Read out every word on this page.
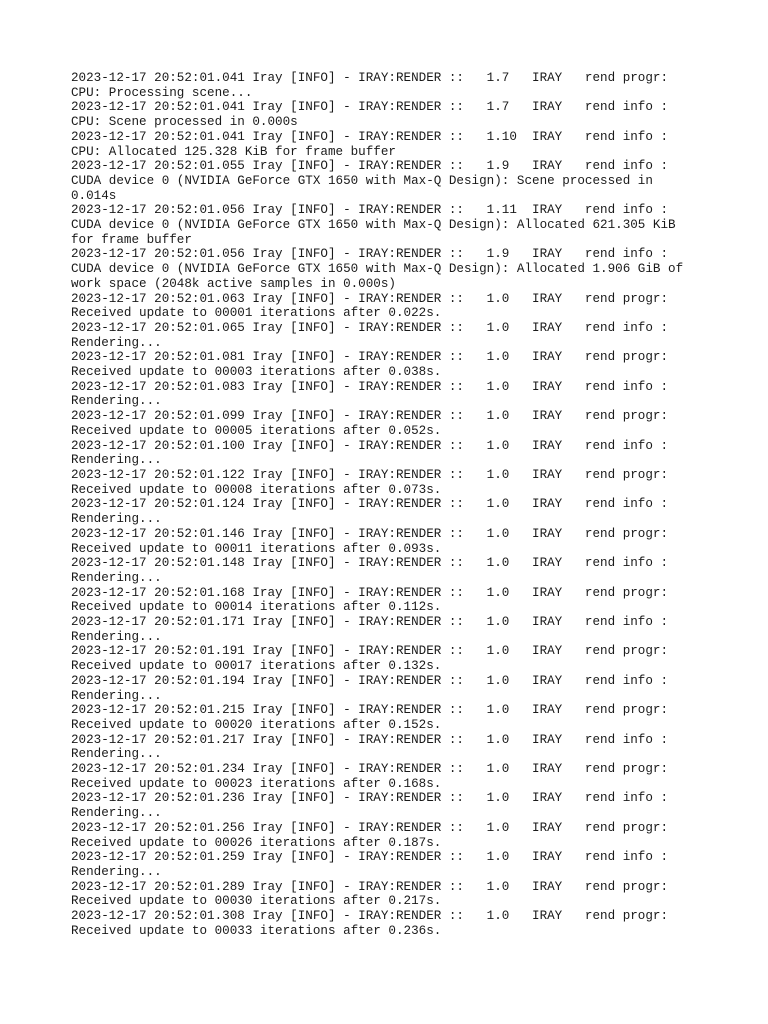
2023-12-17 20:52:01.041 Iray [INFO] - IRAY:RENDER ::   1.7   IRAY   rend progr:
CPU: Processing scene...
2023-12-17 20:52:01.041 Iray [INFO] - IRAY:RENDER ::   1.7   IRAY   rend info :
CPU: Scene processed in 0.000s
2023-12-17 20:52:01.041 Iray [INFO] - IRAY:RENDER ::   1.10  IRAY   rend info :
CPU: Allocated 125.328 KiB for frame buffer
2023-12-17 20:52:01.055 Iray [INFO] - IRAY:RENDER ::   1.9   IRAY   rend info :
CUDA device 0 (NVIDIA GeForce GTX 1650 with Max-Q Design): Scene processed in
0.014s
2023-12-17 20:52:01.056 Iray [INFO] - IRAY:RENDER ::   1.11  IRAY   rend info :
CUDA device 0 (NVIDIA GeForce GTX 1650 with Max-Q Design): Allocated 621.305 KiB
for frame buffer
2023-12-17 20:52:01.056 Iray [INFO] - IRAY:RENDER ::   1.9   IRAY   rend info :
CUDA device 0 (NVIDIA GeForce GTX 1650 with Max-Q Design): Allocated 1.906 GiB of
work space (2048k active samples in 0.000s)
2023-12-17 20:52:01.063 Iray [INFO] - IRAY:RENDER ::   1.0   IRAY   rend progr:
Received update to 00001 iterations after 0.022s.
2023-12-17 20:52:01.065 Iray [INFO] - IRAY:RENDER ::   1.0   IRAY   rend info :
Rendering...
2023-12-17 20:52:01.081 Iray [INFO] - IRAY:RENDER ::   1.0   IRAY   rend progr:
Received update to 00003 iterations after 0.038s.
2023-12-17 20:52:01.083 Iray [INFO] - IRAY:RENDER ::   1.0   IRAY   rend info :
Rendering...
2023-12-17 20:52:01.099 Iray [INFO] - IRAY:RENDER ::   1.0   IRAY   rend progr:
Received update to 00005 iterations after 0.052s.
2023-12-17 20:52:01.100 Iray [INFO] - IRAY:RENDER ::   1.0   IRAY   rend info :
Rendering...
2023-12-17 20:52:01.122 Iray [INFO] - IRAY:RENDER ::   1.0   IRAY   rend progr:
Received update to 00008 iterations after 0.073s.
2023-12-17 20:52:01.124 Iray [INFO] - IRAY:RENDER ::   1.0   IRAY   rend info :
Rendering...
2023-12-17 20:52:01.146 Iray [INFO] - IRAY:RENDER ::   1.0   IRAY   rend progr:
Received update to 00011 iterations after 0.093s.
2023-12-17 20:52:01.148 Iray [INFO] - IRAY:RENDER ::   1.0   IRAY   rend info :
Rendering...
2023-12-17 20:52:01.168 Iray [INFO] - IRAY:RENDER ::   1.0   IRAY   rend progr:
Received update to 00014 iterations after 0.112s.
2023-12-17 20:52:01.171 Iray [INFO] - IRAY:RENDER ::   1.0   IRAY   rend info :
Rendering...
2023-12-17 20:52:01.191 Iray [INFO] - IRAY:RENDER ::   1.0   IRAY   rend progr:
Received update to 00017 iterations after 0.132s.
2023-12-17 20:52:01.194 Iray [INFO] - IRAY:RENDER ::   1.0   IRAY   rend info :
Rendering...
2023-12-17 20:52:01.215 Iray [INFO] - IRAY:RENDER ::   1.0   IRAY   rend progr:
Received update to 00020 iterations after 0.152s.
2023-12-17 20:52:01.217 Iray [INFO] - IRAY:RENDER ::   1.0   IRAY   rend info :
Rendering...
2023-12-17 20:52:01.234 Iray [INFO] - IRAY:RENDER ::   1.0   IRAY   rend progr:
Received update to 00023 iterations after 0.168s.
2023-12-17 20:52:01.236 Iray [INFO] - IRAY:RENDER ::   1.0   IRAY   rend info :
Rendering...
2023-12-17 20:52:01.256 Iray [INFO] - IRAY:RENDER ::   1.0   IRAY   rend progr:
Received update to 00026 iterations after 0.187s.
2023-12-17 20:52:01.259 Iray [INFO] - IRAY:RENDER ::   1.0   IRAY   rend info :
Rendering...
2023-12-17 20:52:01.289 Iray [INFO] - IRAY:RENDER ::   1.0   IRAY   rend progr:
Received update to 00030 iterations after 0.217s.
2023-12-17 20:52:01.308 Iray [INFO] - IRAY:RENDER ::   1.0   IRAY   rend progr:
Received update to 00033 iterations after 0.236s.
